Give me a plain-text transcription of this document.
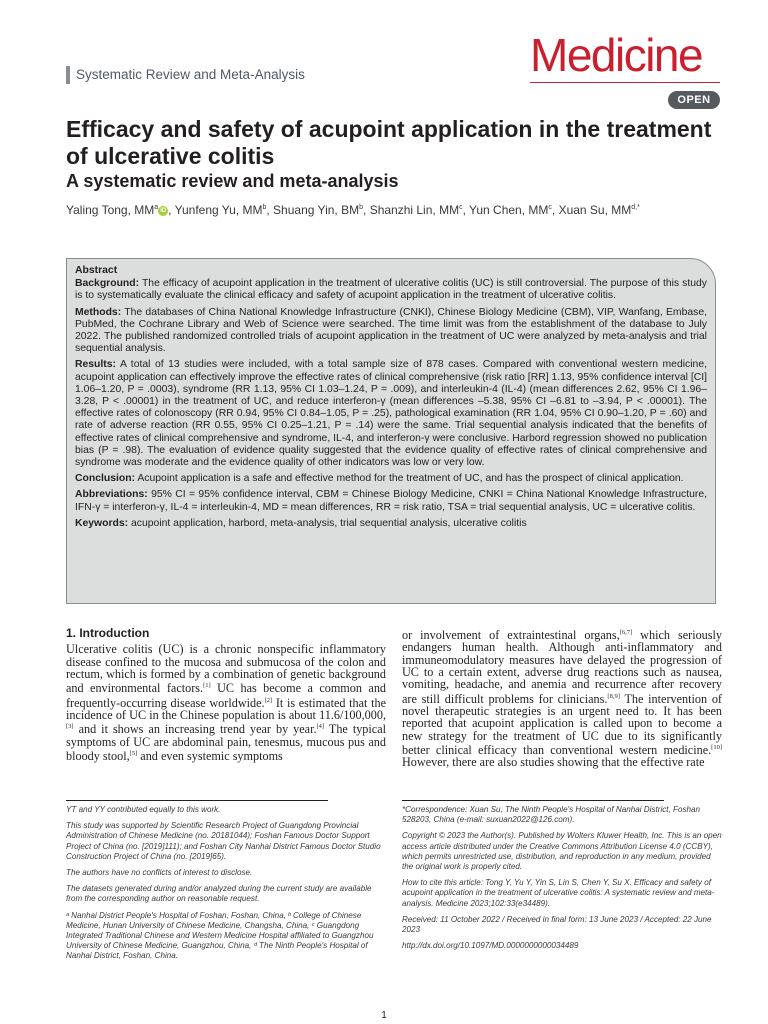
Systematic Review and Meta-Analysis	Medicine
OPEN
Efficacy and safety of acupoint application in the treatment of ulcerative colitis
A systematic review and meta-analysis
Yaling Tong, $MM^a$ iD , Yunfeng Yu, $MM^b$, Shuang Yin, $BM^b$, Shanzhi Lin, $MM^c$, Yun Chen, $MM^c$, Xuan Su, $MM^{d,*}$
Abstract

Background: The efficacy of acupoint application in the treatment of ulcerative colitis (UC) is still controversial. The purpose of this study is to systematically evaluate the clinical efficacy and safety of acupoint application in the treatment of ulcerative colitis.

Methods: The databases of China National Knowledge Infrastructure (CNKI), Chinese Biology Medicine (CBM), VIP, Wanfang, Embase, PubMed, the Cochrane Library and Web of Science were searched. The time limit was from the establishment of the database to July 2022. The published randomized controlled trials of acupoint application in the treatment of UC were analyzed by meta-analysis and trial sequential analysis.

Results: A total of 13 studies were included, with a total sample size of 878 cases. Compared with conventional western medicine, acupoint application can effectively improve the effective rates of clinical comprehensive (risk ratio [RR] 1.13, 95% confidence interval [CI] 1.06–1.20, P = .0003), syndrome (RR 1.13, 95% CI 1.03–1.24, P = .009), and interleukin-4 (IL-4) (mean differences 2.62, 95% CI 1.96–3.28, P < .00001) in the treatment of UC, and reduce interferon-γ (mean differences –5.38, 95% CI –6.81 to –3.94, P < .00001). The effective rates of colonoscopy (RR 0.94, 95% CI 0.84–1.05, P = .25), pathological examination (RR 1.04, 95% CI 0.90–1.20, P = .60) and rate of adverse reaction (RR 0.55, 95% CI 0.25–1.21, P = .14) were the same. Trial sequential analysis indicated that the benefits of effective rates of clinical comprehensive and syndrome, IL-4, and interferon-γ were conclusive. Harbord regression showed no publication bias (P = .98). The evaluation of evidence quality suggested that the evidence quality of effective rates of clinical comprehensive and syndrome was moderate and the evidence quality of other indicators was low or very low.

Conclusion: Acupoint application is a safe and effective method for the treatment of UC, and has the prospect of clinical application.

Abbreviations: 95% CI = 95% confidence interval, CBM = Chinese Biology Medicine, CNKI = China National Knowledge Infrastructure, IFN-γ = interferon-γ, IL-4 = interleukin-4, MD = mean differences, RR = risk ratio, TSA = trial sequential analysis, UC = ulcerative colitis.

Keywords: acupoint application, harbord, meta-analysis, trial sequential analysis, ulcerative colitis

1. Introduction

Ulcerative colitis (UC) is a chronic nonspecific inflammatory disease confined to the mucosa and submucosa of the colon and rectum, which is formed by a combination of genetic background and environmental factors.[1] UC has become a common and frequently-occurring disease worldwide.[2] It is estimated that the incidence of UC in the Chinese population is about 11.6/100,000,[3] and it shows an increasing trend year by year.[4] The typical symptoms of UC are abdominal pain, tenesmus, mucous pus and bloody stool,[5] and even systemic symptoms

or involvement of extraintestinal organs,[6,7] which seriously endangers human health. Although anti-inflammatory and immuneomodulatory measures have delayed the progression of UC to a certain extent, adverse drug reactions such as nausea, vomiting, headache, and anemia and recurrence after recovery are still difficult problems for clinicians.[8,9] The intervention of novel therapeutic strategies is an urgent need to. It has been reported that acupoint application is called upon to become a new strategy for the treatment of UC due to its significantly better clinical efficacy than conventional western medicine.[10] However, there are also studies showing that the effective rate

YT and YY contributed equally to this work.

This study was supported by Scientific Research Project of Guangdong Provincial Administration of Chinese Medicine (no. 20181044); Foshan Famous Doctor Support Project of China (no. [2019]111); and Foshan City Nanhai District Famous Doctor Studio Construction Project of China (no. [2019]65).

The authors have no conflicts of interest to disclose.

The datasets generated during and/or analyzed during the current study are available from the corresponding author on reasonable request.

ᵃ Nanhai District People's Hospital of Foshan, Foshan, China, ᵇ College of Chinese Medicine, Hunan University of Chinese Medicine, Changsha, China, ᶜ Guangdong Integrated Traditional Chinese and Western Medicine Hospital affiliated to Guangzhou University of Chinese Medicine, Guangzhou, China, ᵈ The Ninth People's Hospital of Nanhai District, Foshan, China.

*Correspondence: Xuan Su, The Ninth People's Hospital of Nanhai District, Foshan 528203, China (e-mail: suxuan2022@126.com).

Copyright © 2023 the Author(s). Published by Wolters Kluwer Health, Inc. This is an open access article distributed under the Creative Commons Attribution License 4.0 (CCBY), which permits unrestricted use, distribution, and reproduction in any medium, provided the original work is properly cited.

How to cite this article: Tong Y, Yu Y, Yin S, Lin S, Chen Y, Su X. Efficacy and safety of acupoint application in the treatment of ulcerative colitis: A systematic review and meta-analysis. Medicine 2023;102:33(e34489).

Received: 11 October 2022 / Received in final form: 13 June 2023 / Accepted: 22 June 2023

http://dx.doi.org/10.1097/MD.0000000000034489

1
